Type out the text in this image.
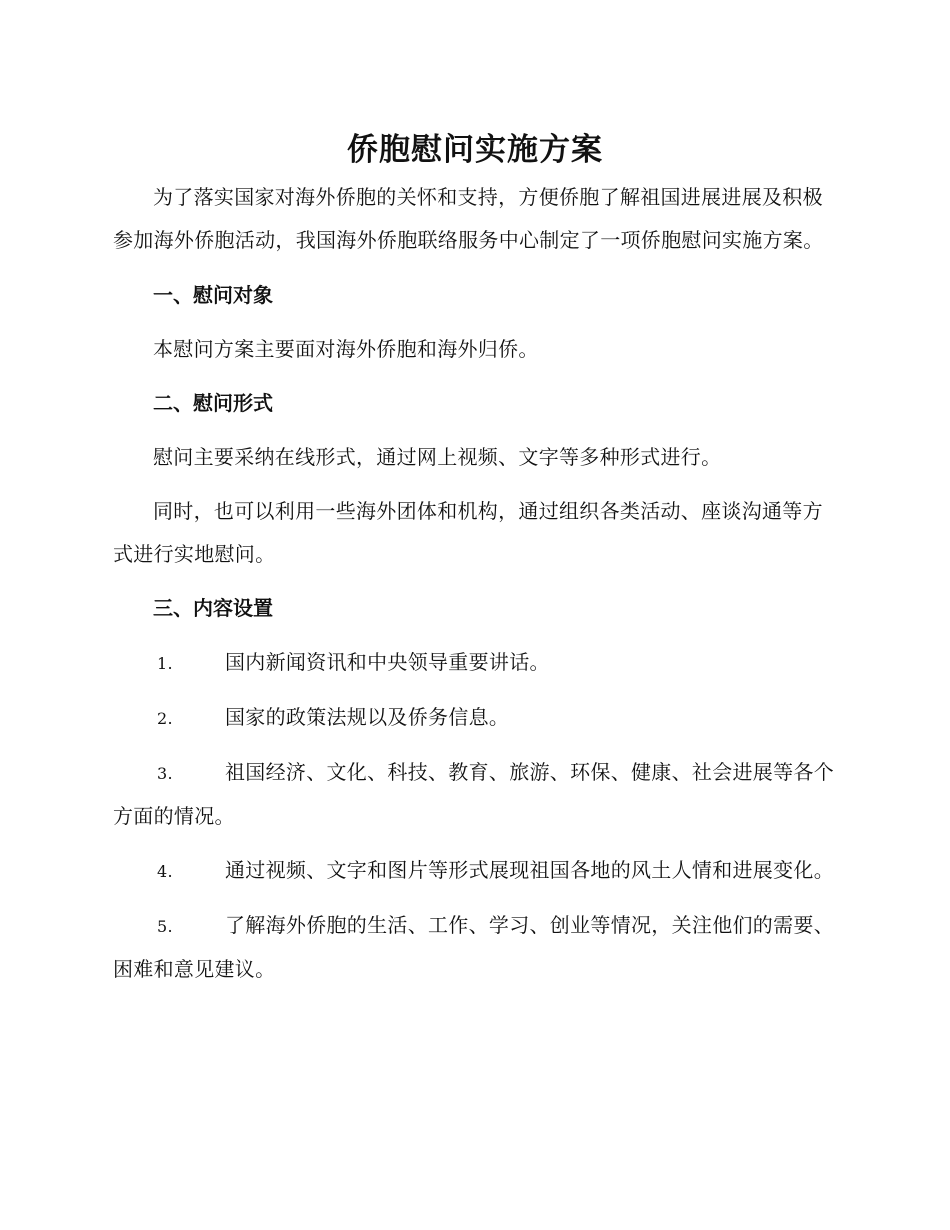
侨胞慰问实施方案

为了落实国家对海外侨胞的关怀和支持，方便侨胞了解祖国进展进展及积极参加海外侨胞活动，我国海外侨胞联络服务中心制定了一项侨胞慰问实施方案。

一、慰问对象

本慰问方案主要面对海外侨胞和海外归侨。

二、慰问形式

慰问主要采纳在线形式，通过网上视频、文字等多种形式进行。

同时，也可以利用一些海外团体和机构，通过组织各类活动、座谈沟通等方式进行实地慰问。

三、内容设置

1.	国内新闻资讯和中央领导重要讲话。

2.	国家的政策法规以及侨务信息。

3.	祖国经济、文化、科技、教育、旅游、环保、健康、社会进展等各个方面的情况。

4.	通过视频、文字和图片等形式展现祖国各地的风土人情和进展变化。

5.	了解海外侨胞的生活、工作、学习、创业等情况，关注他们的需要、困难和意见建议。
